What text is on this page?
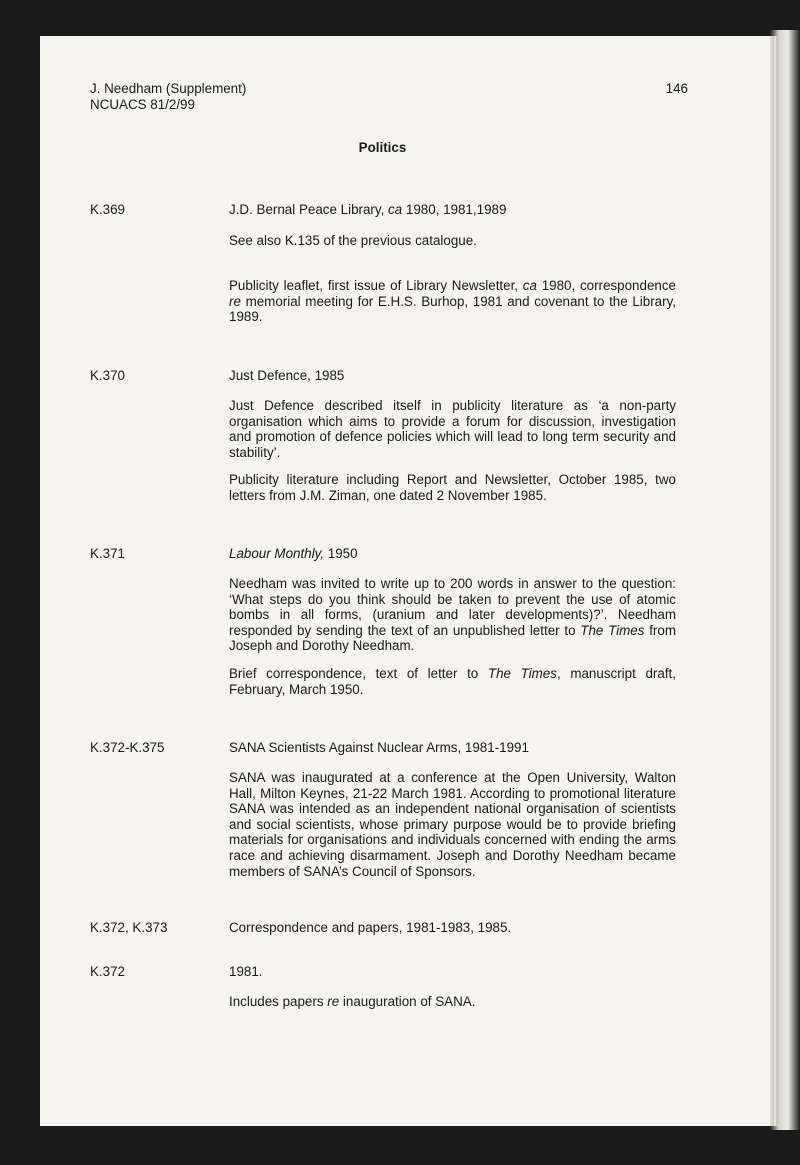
J. Needham (Supplement)
NCUACS 81/2/99
146
Politics
K.369	J.D. Bernal Peace Library, ca 1980, 1981,1989
See also K.135 of the previous catalogue.
Publicity leaflet, first issue of Library Newsletter, ca 1980, correspondence re memorial meeting for E.H.S. Burhop, 1981 and covenant to the Library, 1989.
K.370	Just Defence, 1985
Just Defence described itself in publicity literature as ‘a non-party organisation which aims to provide a forum for discussion, investigation and promotion of defence policies which will lead to long term security and stability’.
Publicity literature including Report and Newsletter, October 1985, two letters from J.M. Ziman, one dated 2 November 1985.
K.371	Labour Monthly, 1950
Needham was invited to write up to 200 words in answer to the question: ‘What steps do you think should be taken to prevent the use of atomic bombs in all forms, (uranium and later developments)?’. Needham responded by sending the text of an unpublished letter to The Times from Joseph and Dorothy Needham.
Brief correspondence, text of letter to The Times, manuscript draft, February, March 1950.
K.372-K.375	SANA Scientists Against Nuclear Arms, 1981-1991
SANA was inaugurated at a conference at the Open University, Walton Hall, Milton Keynes, 21-22 March 1981. According to promotional literature SANA was intended as an independent national organisation of scientists and social scientists, whose primary purpose would be to provide briefing materials for organisations and individuals concerned with ending the arms race and achieving disarmament. Joseph and Dorothy Needham became members of SANA’s Council of Sponsors.
K.372, K.373	Correspondence and papers, 1981-1983, 1985.
K.372	1981.
Includes papers re inauguration of SANA.
